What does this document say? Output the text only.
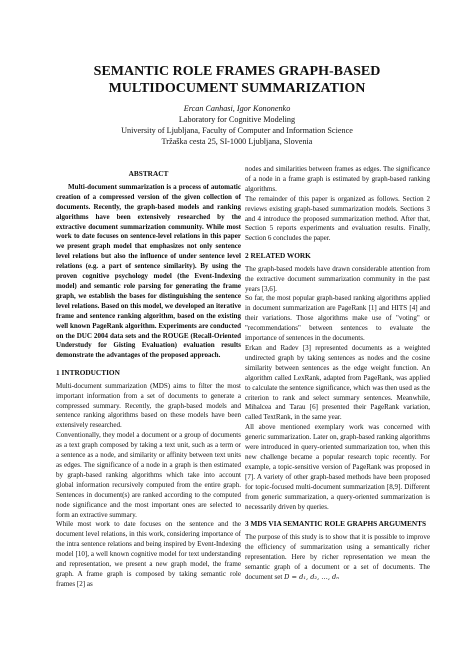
SEMANTIC ROLE FRAMES GRAPH-BASED
MULTIDOCUMENT SUMMARIZATION
Ercan Canhasi, Igor Kononenko
Laboratory for Cognitive Modeling
University of Ljubljana, Faculty of Computer and Information Science
Tržaška cesta 25, SI-1000 Ljubljana, Slovenia
ABSTRACT

Multi-document summarization is a process of automatic creation of a compressed version of the given collection of documents. Recently, the graph-based models and ranking algorithms have been extensively researched by the extractive document summarization community. While most work to date focuses on sentence-level relations in this paper we present graph model that emphasizes not only sentence level relations but also the influence of under sentence level relations (e.g. a part of sentence similarity). By using the proven cognitive psychology model (the Event-Indexing model) and semantic role parsing for generating the frame graph, we establish the bases for distinguishing the sentence level relations. Based on this model, we developed an iterative frame and sentence ranking algorithm, based on the existing well known PageRank algorithm. Experiments are conducted on the DUC 2004 data sets and the ROUGE (Recall-Oriented Understudy for Gisting Evaluation) evaluation results demonstrate the advantages of the proposed approach.

1 INTRODUCTION

Multi-document summarization (MDS) aims to filter the most important information from a set of documents to generate a compressed summary. Recently, the graph-based models and sentence ranking algorithms based on these models have been extensively researched.

Conventionally, they model a document or a group of documents as a text graph composed by taking a text unit, such as a term or a sentence as a node, and similarity or affinity between text units as edges. The significance of a node in a graph is then estimated by graph-based ranking algorithms which take into account global information recursively computed from the entire graph. Sentences in document(s) are ranked according to the computed node significance and the most important ones are selected to form an extractive summary.

While most work to date focuses on the sentence and the document level relations, in this work, considering importance of the intra sentence relations and being inspired by Event-Indexing model [10], a well known cognitive model for text understanding and representation, we present a new graph model, the frame graph. A frame graph is composed by taking semantic role frames [2] as

nodes and similarities between frames as edges. The significance of a node in a frame graph is estimated by graph-based ranking algorithms.

The remainder of this paper is organized as follows. Section 2 reviews existing graph-based summarization models. Sections 3 and 4 introduce the proposed summarization method. After that, Section 5 reports experiments and evaluation results. Finally, Section 6 concludes the paper.

2 RELATED WORK

The graph-based models have drawn considerable attention from the extractive document summarization community in the past years [3,6].

So far, the most popular graph-based ranking algorithms applied in document summarization are PageRank [1] and HITS [4] and their variations. Those algorithms make use of "voting" or "recommendations" between sentences to evaluate the importance of sentences in the documents.

Erkan and Radev [3] represented documents as a weighted undirected graph by taking sentences as nodes and the cosine similarity between sentences as the edge weight function. An algorithm called LexRank, adapted from PageRank, was applied to calculate the sentence significance, which was then used as the criterion to rank and select summary sentences. Meanwhile, Mihalcea and Tarau [6] presented their PageRank variation, called TextRank, in the same year.

All above mentioned exemplary work was concerned with generic summarization. Later on, graph-based ranking algorithms were introduced in query-oriented summarization too, when this new challenge became a popular research topic recently. For example, a topic-sensitive version of PageRank was proposed in [7]. A variety of other graph-based methods have been proposed for topic-focused multi-document summarization [8,9]. Different from generic summarization, a query-oriented summarization is necessarily driven by queries.

3 MDS VIA SEMANTIC ROLE GRAPHS ARGUMENTS

The purpose of this study is to show that it is possible to improve the efficiency of summarization using a semantically richer representation. Here by richer representation we mean the semantic graph of a document or a set of documents. The document set D = d₁, d₂, …, dₙ
